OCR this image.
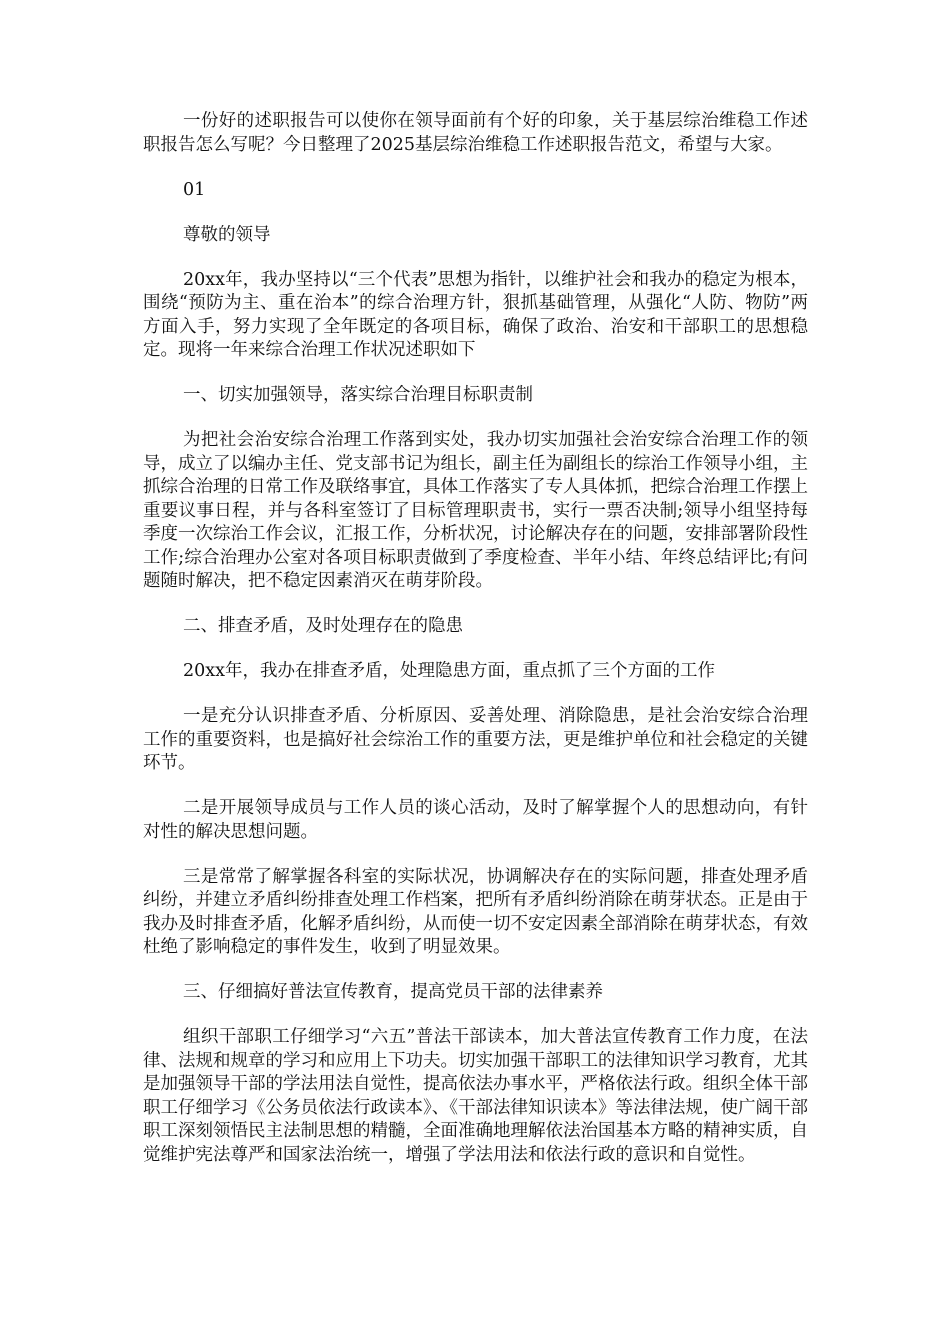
一份好的述职报告可以使你在领导面前有个好的印象，关于基层综治维稳工作述职报告怎么写呢？今日整理了2025基层综治维稳工作述职报告范文，希望与大家。

01

尊敬的领导

20xx年，我办坚持以“三个代表”思想为指针，以维护社会和我办的稳定为根本，围绕“预防为主、重在治本”的综合治理方针，狠抓基础管理，从强化“人防、物防”两方面入手，努力实现了全年既定的各项目标，确保了政治、治安和干部职工的思想稳定。现将一年来综合治理工作状况述职如下

一、切实加强领导，落实综合治理目标职责制

为把社会治安综合治理工作落到实处，我办切实加强社会治安综合治理工作的领导，成立了以编办主任、党支部书记为组长，副主任为副组长的综治工作领导小组，主抓综合治理的日常工作及联络事宜，具体工作落实了专人具体抓，把综合治理工作摆上重要议事日程，并与各科室签订了目标管理职责书，实行一票否决制;领导小组坚持每季度一次综治工作会议，汇报工作，分析状况，讨论解决存在的问题，安排部署阶段性工作;综合治理办公室对各项目标职责做到了季度检查、半年小结、年终总结评比;有问题随时解决，把不稳定因素消灭在萌芽阶段。

二、排查矛盾，及时处理存在的隐患

20xx年，我办在排查矛盾，处理隐患方面，重点抓了三个方面的工作

一是充分认识排查矛盾、分析原因、妥善处理、消除隐患，是社会治安综合治理工作的重要资料，也是搞好社会综治工作的重要方法，更是维护单位和社会稳定的关键环节。

二是开展领导成员与工作人员的谈心活动，及时了解掌握个人的思想动向，有针对性的解决思想问题。

三是常常了解掌握各科室的实际状况，协调解决存在的实际问题，排查处理矛盾纠纷，并建立矛盾纠纷排查处理工作档案，把所有矛盾纠纷消除在萌芽状态。正是由于我办及时排查矛盾，化解矛盾纠纷，从而使一切不安定因素全部消除在萌芽状态，有效杜绝了影响稳定的事件发生，收到了明显效果。

三、仔细搞好普法宣传教育，提高党员干部的法律素养

组织干部职工仔细学习“六五”普法干部读本，加大普法宣传教育工作力度，在法律、法规和规章的学习和应用上下功夫。切实加强干部职工的法律知识学习教育，尤其是加强领导干部的学法用法自觉性，提高依法办事水平，严格依法行政。组织全体干部职工仔细学习《公务员依法行政读本》、《干部法律知识读本》等法律法规，使广阔干部职工深刻领悟民主法制思想的精髓，全面准确地理解依法治国基本方略的精神实质，自觉维护宪法尊严和国家法治统一，增强了学法用法和依法行政的意识和自觉性。
